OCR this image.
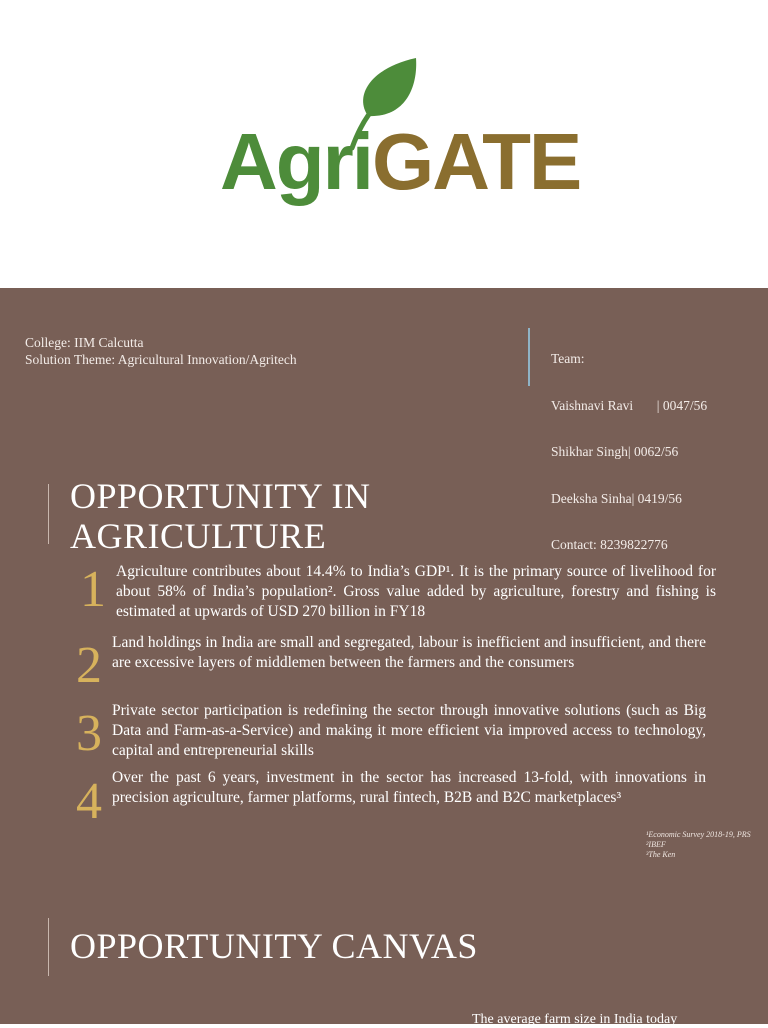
AgriGATE
College: IIM Calcutta
Solution Theme: Agricultural Innovation/Agritech

	Team:

Vaishnavi Ravi       | 0047/56

Shikhar Singh| 0062/56

Deeksha Sinha| 0419/56

Contact: 8239822776

OPPORTUNITY IN AGRICULTURE
1 Agriculture contributes about 14.4% to India’s GDP¹. It is the primary source of livelihood for about 58% of India’s population². Gross value added by agriculture, forestry and fishing is estimated at upwards of USD 270 billion in FY18
2 Land holdings in India are small and segregated, labour is inefficient and insufficient, and there are excessive layers of middlemen between the farmers and the consumers
3 Private sector participation is redefining the sector through innovative solutions (such as Big Data and Farm-as-a-Service) and making it more efficient via improved access to technology, capital and entrepreneurial skills
4 Over the past 6 years, investment in the sector has increased 13-fold, with innovations in precision agriculture, farmer platforms, rural fintech, B2B and B2C marketplaces³
¹Economic Survey 2018-19, PRS
²IBEF
³The Ken
OPPORTUNITY CANVAS
The average farm size in India today
